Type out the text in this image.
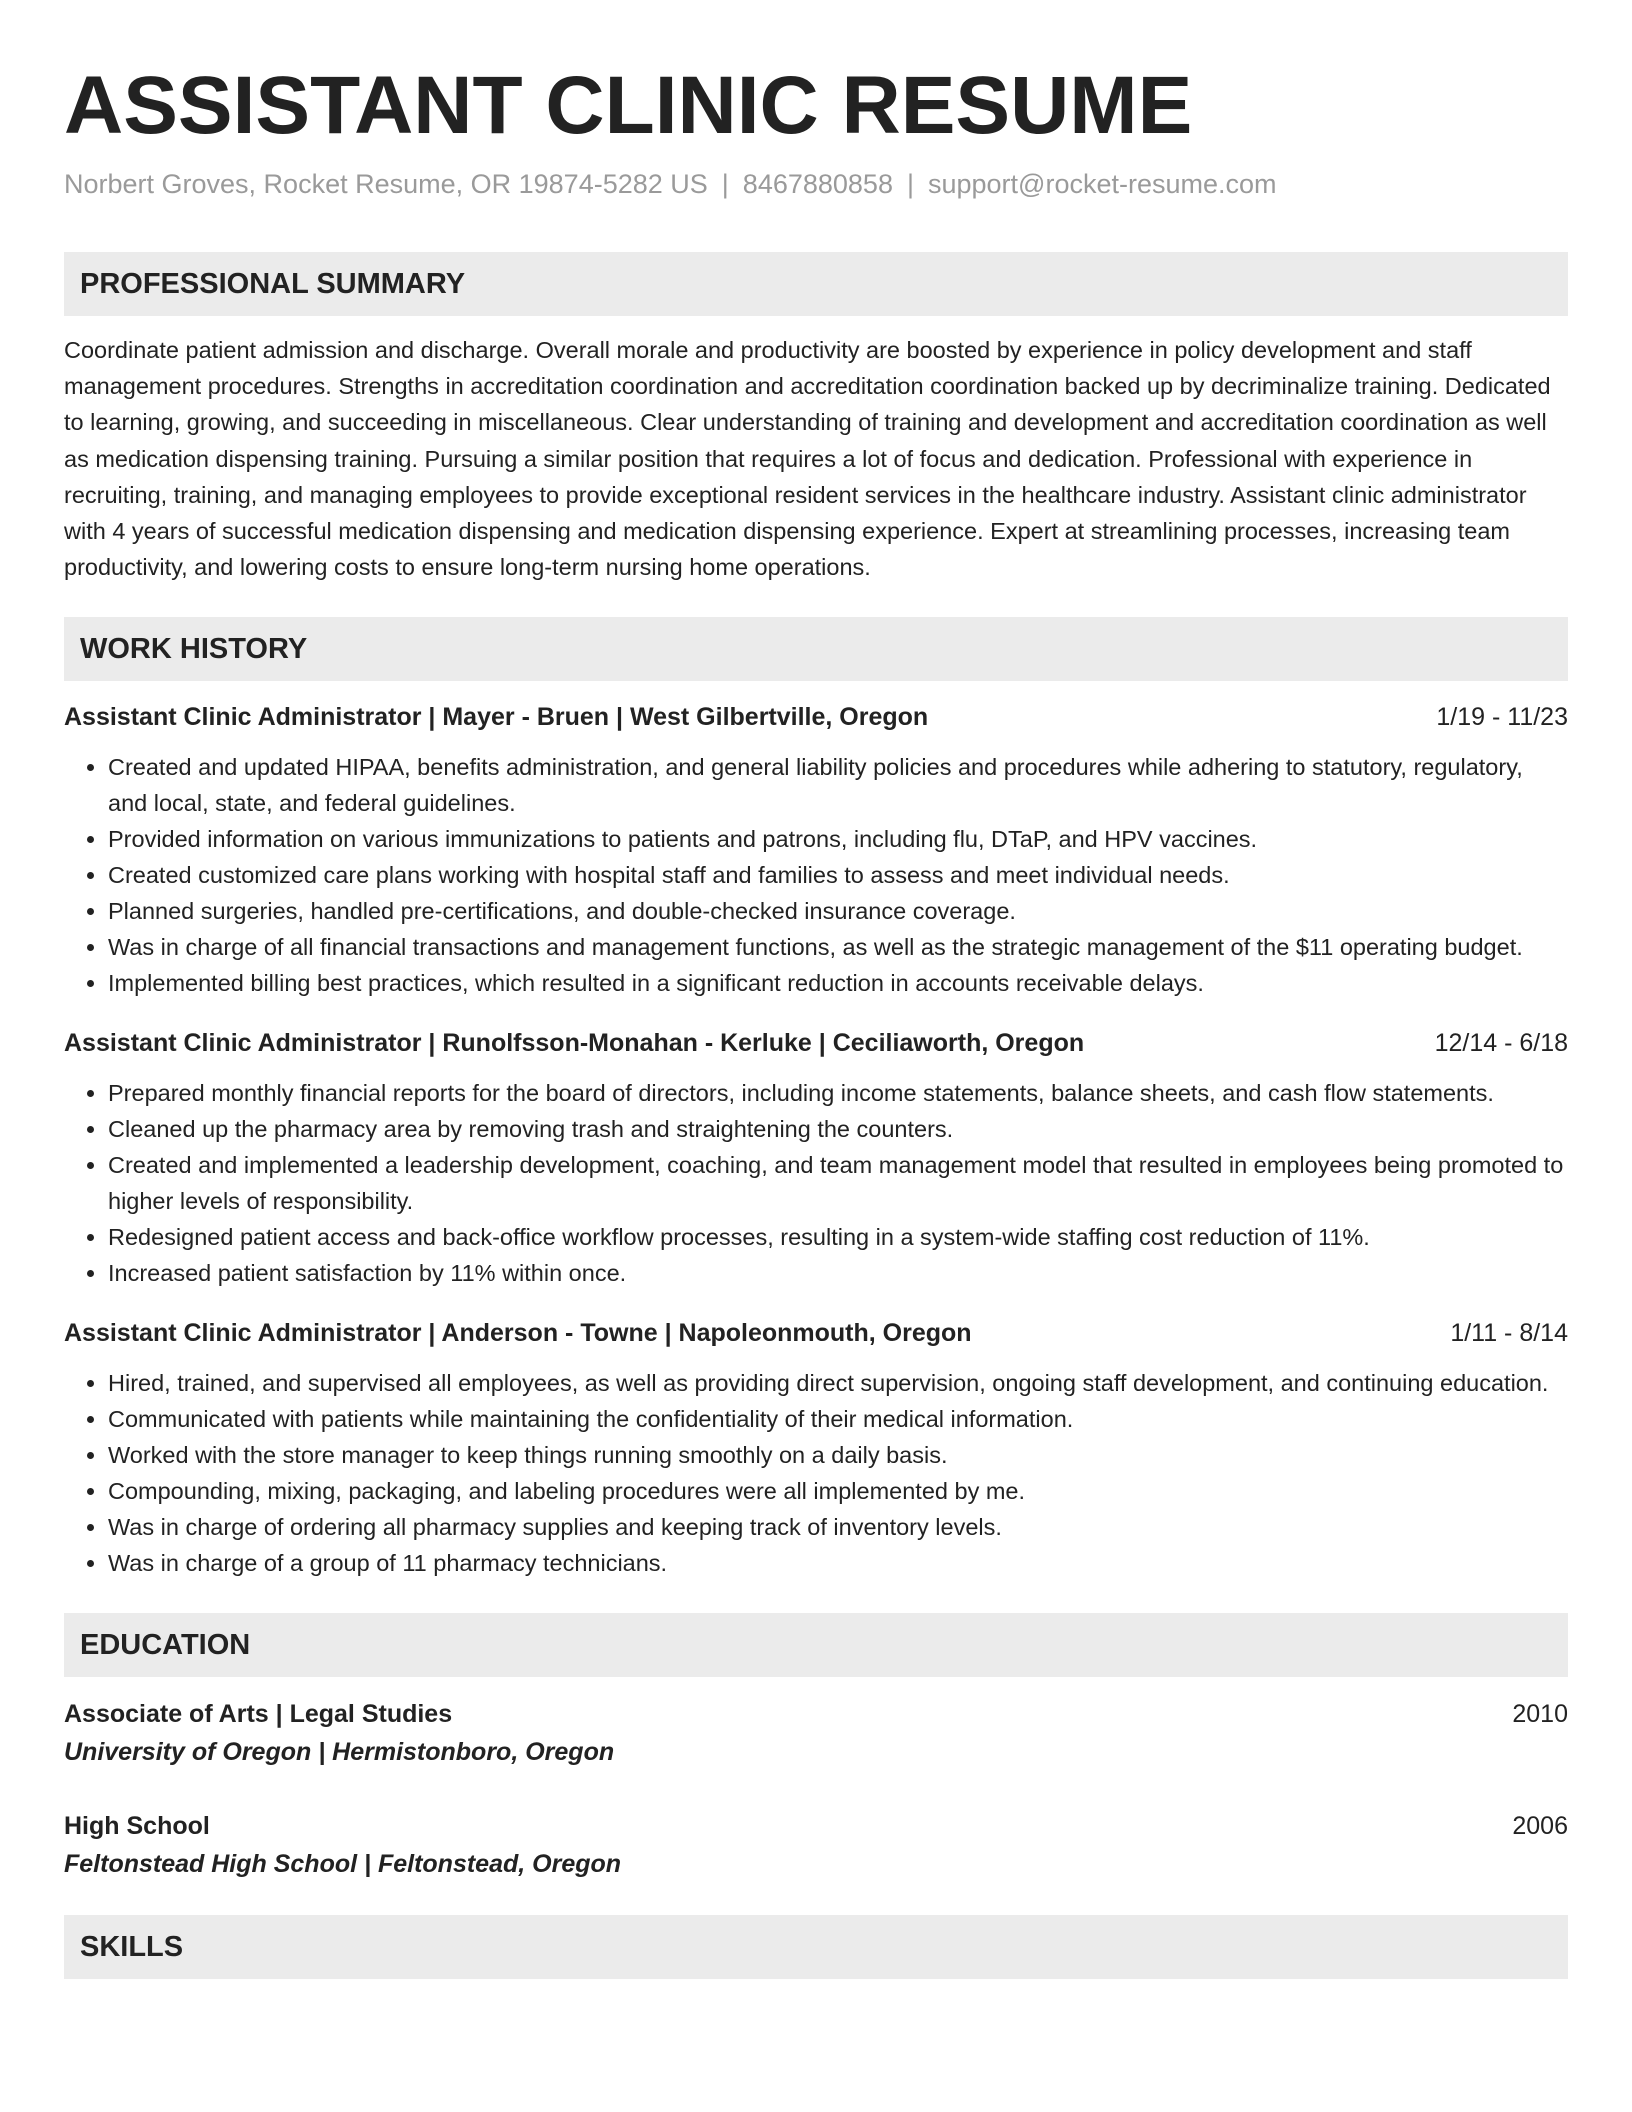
ASSISTANT CLINIC RESUME
Norbert Groves, Rocket Resume, OR 19874-5282 US | 8467880858 | support@rocket-resume.com
PROFESSIONAL SUMMARY

Coordinate patient admission and discharge. Overall morale and productivity are boosted by experience in policy development and staff management procedures. Strengths in accreditation coordination and accreditation coordination backed up by decriminalize training. Dedicated to learning, growing, and succeeding in miscellaneous. Clear understanding of training and development and accreditation coordination as well as medication dispensing training. Pursuing a similar position that requires a lot of focus and dedication. Professional with experience in recruiting, training, and managing employees to provide exceptional resident services in the healthcare industry. Assistant clinic administrator with 4 years of successful medication dispensing and medication dispensing experience. Expert at streamlining processes, increasing team productivity, and lowering costs to ensure long-term nursing home operations.

WORK HISTORY
Assistant Clinic Administrator | Mayer - Bruen | West Gilbertville, Oregon	1/19 - 11/23
• Created and updated HIPAA, benefits administration, and general liability policies and procedures while adhering to statutory, regulatory, and local, state, and federal guidelines.
• Provided information on various immunizations to patients and patrons, including flu, DTaP, and HPV vaccines.
• Created customized care plans working with hospital staff and families to assess and meet individual needs.
• Planned surgeries, handled pre-certifications, and double-checked insurance coverage.
• Was in charge of all financial transactions and management functions, as well as the strategic management of the $11 operating budget.
• Implemented billing best practices, which resulted in a significant reduction in accounts receivable delays.
Assistant Clinic Administrator | Runolfsson-Monahan - Kerluke | Ceciliaworth, Oregon	12/14 - 6/18
• Prepared monthly financial reports for the board of directors, including income statements, balance sheets, and cash flow statements.
• Cleaned up the pharmacy area by removing trash and straightening the counters.
• Created and implemented a leadership development, coaching, and team management model that resulted in employees being promoted to higher levels of responsibility.
• Redesigned patient access and back-office workflow processes, resulting in a system-wide staffing cost reduction of 11%.
• Increased patient satisfaction by 11% within once.
Assistant Clinic Administrator | Anderson - Towne | Napoleonmouth, Oregon	1/11 - 8/14
• Hired, trained, and supervised all employees, as well as providing direct supervision, ongoing staff development, and continuing education.
• Communicated with patients while maintaining the confidentiality of their medical information.
• Worked with the store manager to keep things running smoothly on a daily basis.
• Compounding, mixing, packaging, and labeling procedures were all implemented by me.
• Was in charge of ordering all pharmacy supplies and keeping track of inventory levels.
• Was in charge of a group of 11 pharmacy technicians.
EDUCATION
Associate of Arts | Legal Studies	2010
University of Oregon | Hermistonboro, Oregon
High School	2006
Feltonstead High School | Feltonstead, Oregon
SKILLS
